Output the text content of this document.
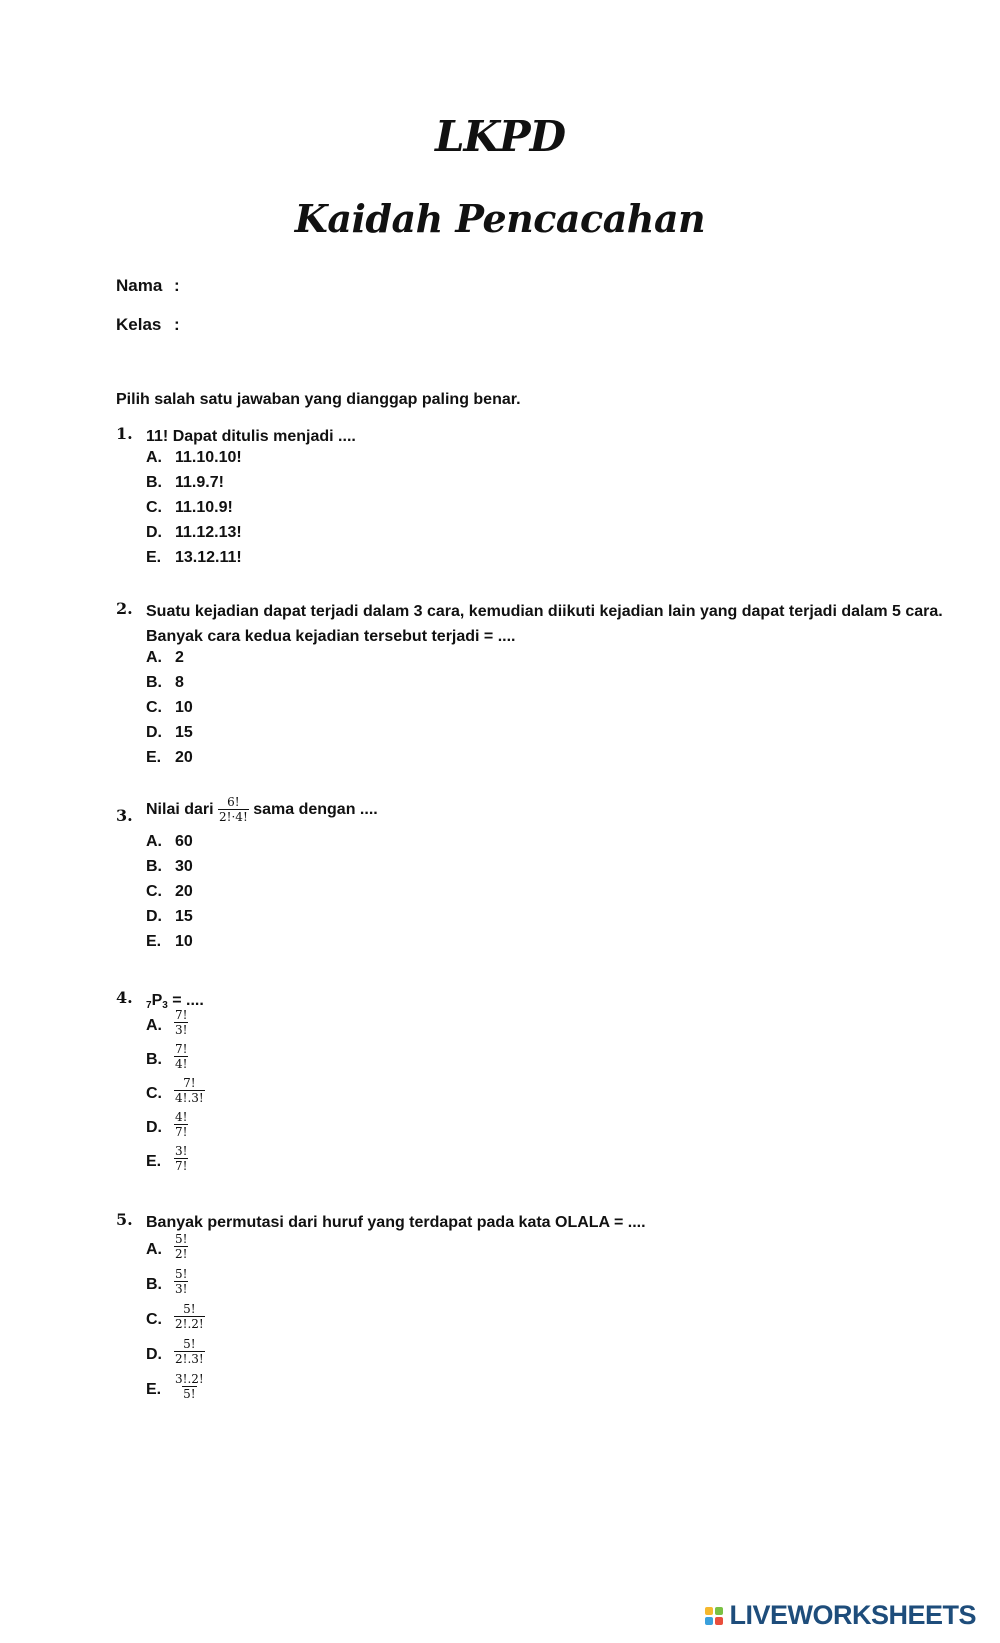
LKPD
Kaidah Pencacahan
Nama :
Kelas :
Pilih salah satu jawaban yang dianggap paling benar.
1. 11! Dapat ditulis menjadi ....
A. 11.10.10!
B. 11.9.7!
C. 11.10.9!
D. 11.12.13!
E. 13.12.11!
2. Suatu kejadian dapat terjadi dalam 3 cara, kemudian diikuti kejadian lain yang dapat terjadi dalam 5 cara.
Banyak cara kedua kejadian tersebut terjadi = ....
A. 2
B. 8
C. 10
D. 15
E. 20
3. Nilai dari $\frac{6!}{2!\cdot 4!}$ sama dengan ....
A. 60
B. 30
C. 20
D. 15
E. 10
4. $_7P_3$ = ....
A. $\frac{7!}{3!}$
B. $\frac{7!}{4!}$
C. $\frac{7!}{4!.3!}$
D. $\frac{4!}{7!}$
E. $\frac{3!}{7!}$
5. Banyak permutasi dari huruf yang terdapat pada kata OLALA = ....
A. $\frac{5!}{2!}$
B. $\frac{5!}{3!}$
C. $\frac{5!}{2!.2!}$
D. $\frac{5!}{2!.3!}$
E. $\frac{3!.2!}{5!}$
LIVEWORKSHEETS
